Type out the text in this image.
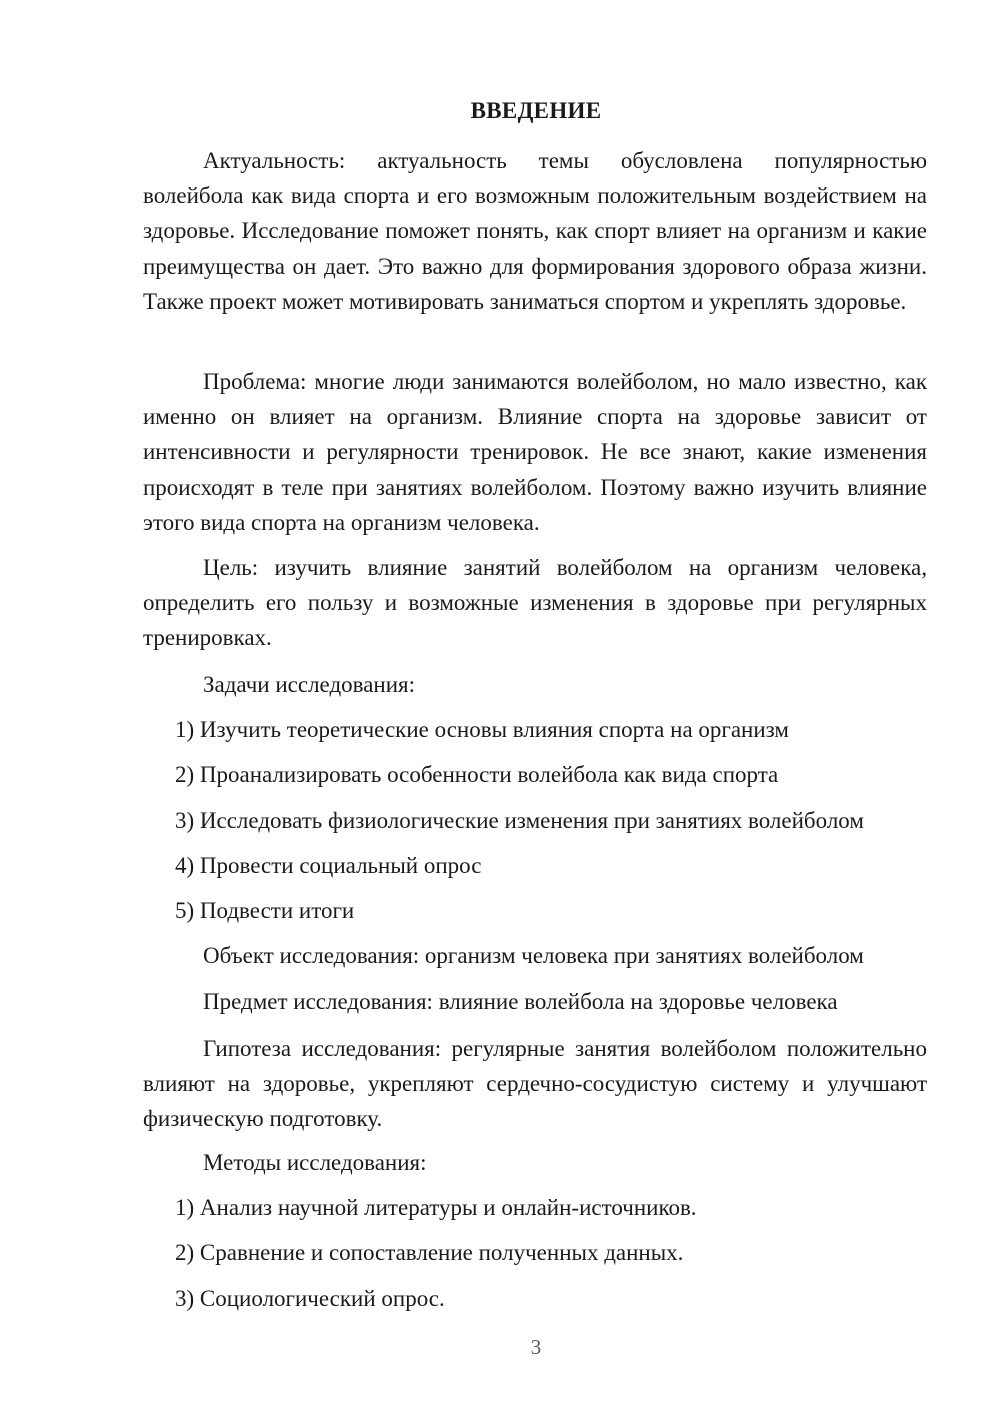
ВВЕДЕНИЕ

Актуальность: актуальность темы обусловлена популярностью волейбола как вида спорта и его возможным положительным воздействием на здоровье. Исследование поможет понять, как спорт влияет на организм и какие преимущества он дает. Это важно для формирования здорового образа жизни. Также проект может мотивировать заниматься спортом и укреплять здоровье.

Проблема: многие люди занимаются волейболом, но мало известно, как именно он влияет на организм. Влияние спорта на здоровье зависит от интенсивности и регулярности тренировок. Не все знают, какие изменения происходят в теле при занятиях волейболом. Поэтому важно изучить влияние этого вида спорта на организм человека.

Цель: изучить влияние занятий волейболом на организм человека, определить его пользу и возможные изменения в здоровье при регулярных тренировках.

Задачи исследования:

1) Изучить теоретические основы влияния спорта на организм

2) Проанализировать особенности волейбола как вида спорта

3) Исследовать физиологические изменения при занятиях волейболом

4) Провести социальный опрос

5) Подвести итоги

Объект исследования: организм человека при занятиях волейболом

Предмет исследования: влияние волейбола на здоровье человека

Гипотеза исследования: регулярные занятия волейболом положительно влияют на здоровье, укрепляют сердечно-сосудистую систему и улучшают физическую подготовку.

Методы исследования:

1) Анализ научной литературы и онлайн-источников.

2) Сравнение и сопоставление полученных данных.

3) Социологический опрос.

3
